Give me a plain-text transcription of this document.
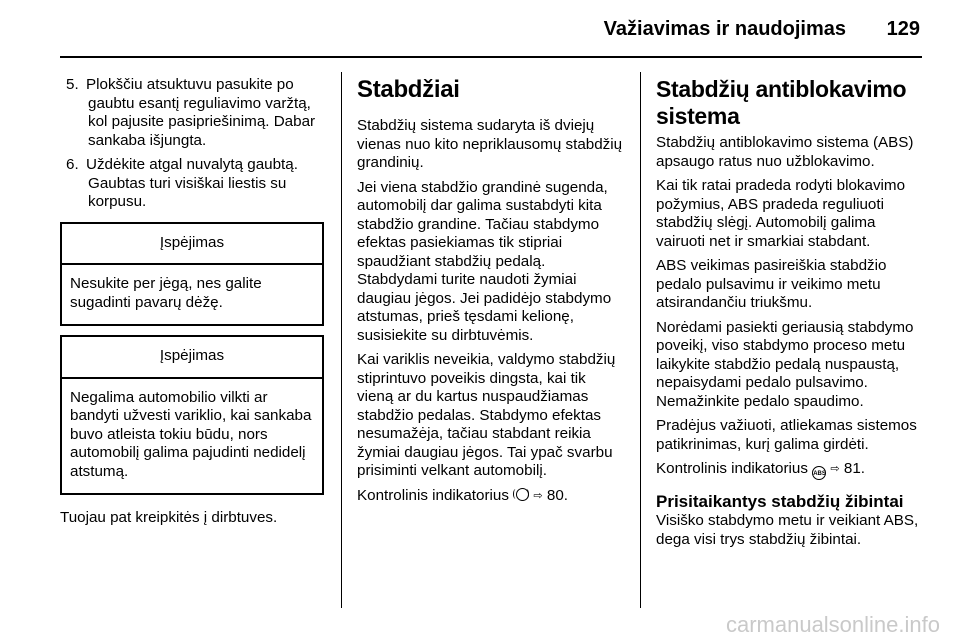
Važiavimas ir naudojimas 129
5. Plokščiu atsuktuvu pasukite po gaubtu esantį reguliavimo varžtą, kol pajusite pasipriešinimą. Dabar sankaba išjungta.
6. Uždėkite atgal nuvalytą gaubtą. Gaubtas turi visiškai liestis su korpusu.
Įspėjimas
Nesukite per jėgą, nes galite sugadinti pavarų dėžę.
Įspėjimas
Negalima automobilio vilkti ar bandyti užvesti variklio, kai sankaba buvo atleista tokiu būdu, nors automobilį galima pajudinti nedidelį atstumą.

Tuojau pat kreipkitės į dirbtuves.

Stabdžiai

Stabdžių sistema sudaryta iš dviejų vienas nuo kito nepriklausomų stabdžių grandinių.

Jei viena stabdžio grandinė sugenda, automobilį dar galima sustabdyti kita stabdžio grandine. Tačiau stabdymo efektas pasiekiamas tik stipriai spaudžiant stabdžių pedalą. Stabdydami turite naudoti žymiai daugiau jėgos. Jei padidėjo stabdymo atstumas, prieš tęsdami kelionę, susisiekite su dirbtuvėmis.

Kai variklis neveikia, valdymo stabdžių stiprintuvo poveikis dingsta, kai tik vieną ar du kartus nuspaudžiamas stabdžio pedalas. Stabdymo efektas nesumažėja, tačiau stabdant reikia žymiai daugiau jėgos. Tai ypač svarbu prisiminti velkant automobilį.

Kontrolinis indikatorius ⇨ 80.

Stabdžių antiblokavimo sistema

Stabdžių antiblokavimo sistema (ABS) apsaugo ratus nuo užblokavimo.

Kai tik ratai pradeda rodyti blokavimo požymius, ABS pradeda reguliuoti stabdžių slėgį. Automobilį galima vairuoti net ir smarkiai stabdant.

ABS veikimas pasireiškia stabdžio pedalo pulsavimu ir veikimo metu atsirandančiu triukšmu.

Norėdami pasiekti geriausią stabdymo poveikį, viso stabdymo proceso metu laikykite stabdžio pedalą nuspaustą, nepaisydami pedalo pulsavimo. Nemažinkite pedalo spaudimo.

Pradėjus važiuoti, atliekamas sistemos patikrinimas, kurį galima girdėti.

Kontrolinis indikatorius ABS ⇨ 81.

Prisitaikantys stabdžių žibintai

Visiško stabdymo metu ir veikiant ABS, dega visi trys stabdžių žibintai.

carmanualsonline.info
